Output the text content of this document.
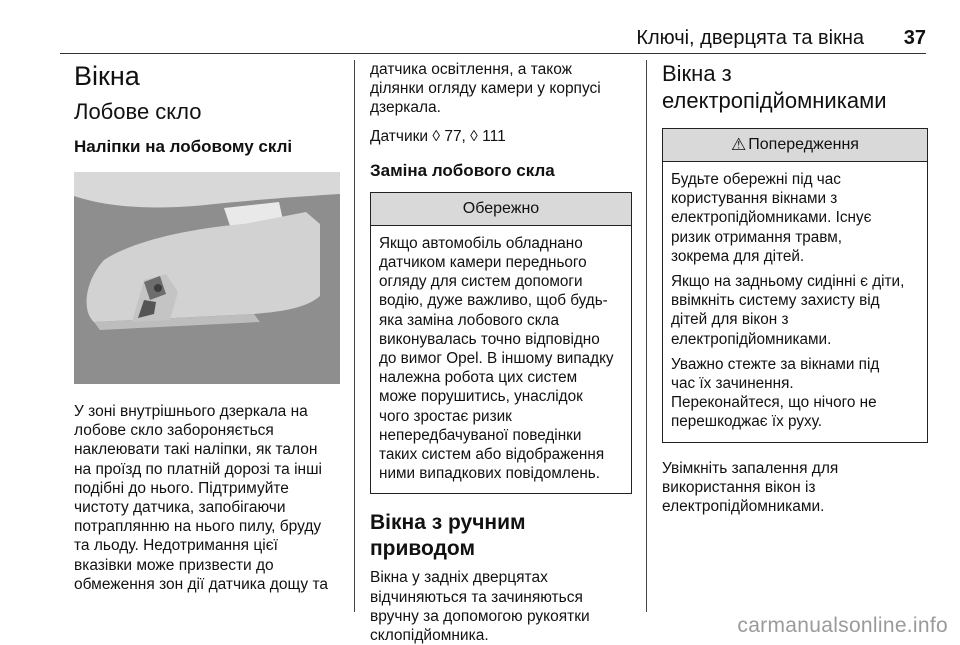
Ключі, дверцята та вікна 37
Вікна
Лобове скло
Наліпки на лобовому склі

У зоні внутрішнього дзеркала на

лобове скло забороняється

наклеювати такі наліпки, як талон

на проїзд по платній дорозі та інші

подібні до нього. Підтримуйте

чистоту датчика, запобігаючи

потраплянню на нього пилу, бруду

та льоду. Недотримання цієї

вказівки може призвести до

обмеження зон дії датчика дощу та

датчика освітлення, а також

ділянки огляду камери у корпусі

дзеркала.

Датчики ◊ 77, ◊ 111

Заміна лобового скла
Обережно

Якщо автомобіль обладнано

датчиком камери переднього

огляду для систем допомоги

водію, дуже важливо, щоб будь-

яка заміна лобового скла

виконувалась точно відповідно

до вимог Opel. В іншому випадку

належна робота цих систем

може порушитись, унаслідок

чого зростає ризик

непередбачуваної поведінки

таких систем або відображення

ними випадкових повідомлень.

Вікна з ручним приводом

Вікна у задніх дверцятах

відчиняються та зачиняються

вручну за допомогою рукоятки

склопідйомника.

Вікна з
електропідйомниками
⚠ Попередження

Будьте обережні під час

користування вікнами з

електропідйомниками. Існує

ризик отримання травм,

зокрема для дітей.

Якщо на задньому сидінні є діти,

ввімкніть систему захисту від

дітей для вікон з

електропідйомниками.

Уважно стежте за вікнами під

час їх зачинення.

Переконайтеся, що нічого не

перешкоджає їх руху.

Увімкніть запалення для

використання вікон із

електропідйомниками.

carmanualsonline.info
